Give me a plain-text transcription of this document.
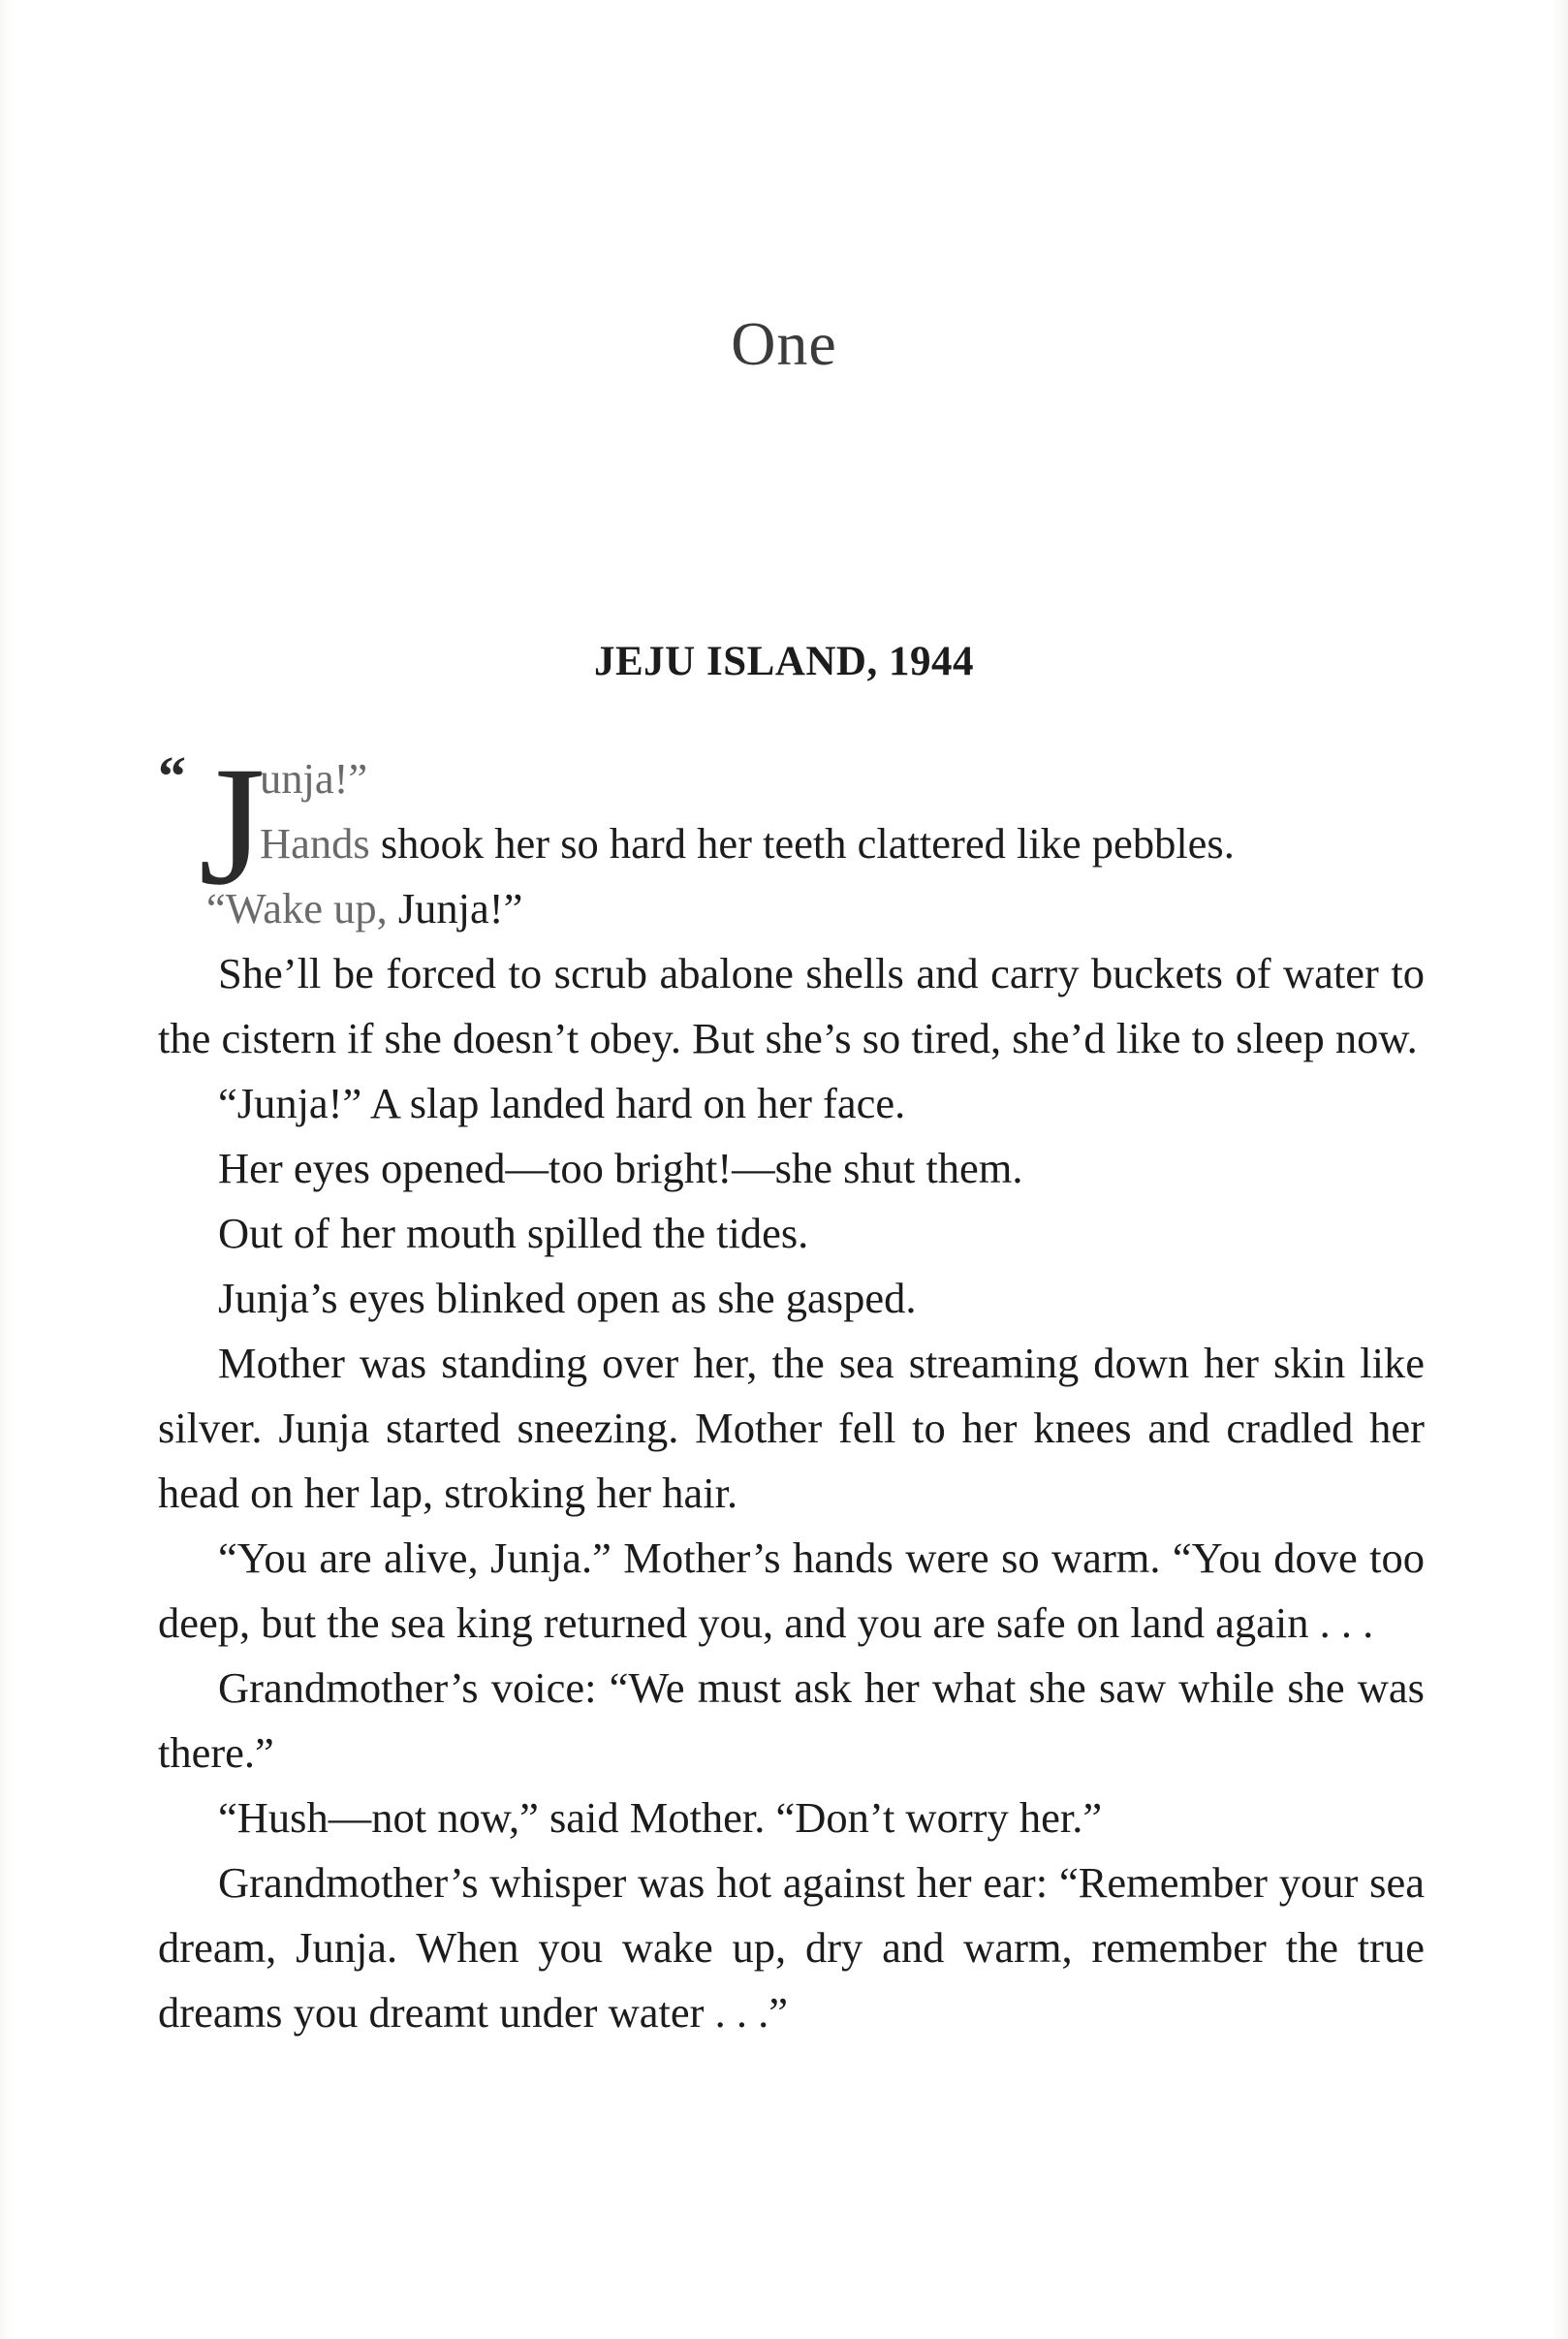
One
JEJU ISLAND, 1944
“ J

unja!”

Hands shook her so hard her teeth clattered like pebbles.

“Wake up, Junja!”

She’ll be forced to scrub abalone shells and carry buckets of water to the cistern if she doesn’t obey. But she’s so tired, she’d like to sleep now.

“Junja!” A slap landed hard on her face.

Her eyes opened—too bright!—she shut them.

Out of her mouth spilled the tides.

Junja’s eyes blinked open as she gasped.

Mother was standing over her, the sea streaming down her skin like silver. Junja started sneezing. Mother fell to her knees and cradled her head on her lap, stroking her hair.

“You are alive, Junja.” Mother’s hands were so warm. “You dove too deep, but the sea king returned you, and you are safe on land again . . .

Grandmother’s voice: “We must ask her what she saw while she was there.”

“Hush—not now,” said Mother. “Don’t worry her.”

Grandmother’s whisper was hot against her ear: “Remember your sea dream, Junja. When you wake up, dry and warm, remember the true dreams you dreamt under water . . .”
